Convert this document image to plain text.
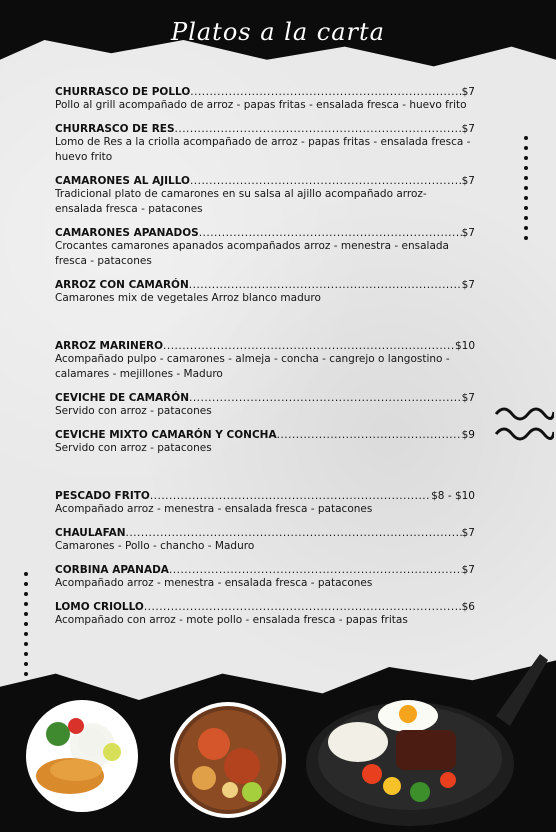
Platos a la carta
CHURRASCO DE POLLO .....	$7
Pollo al grill acompañado de arroz - papas fritas - ensalada fresca - huevo frito
CHURRASCO DE RES .....	$7
Lomo de Res a la criolla acompañado de arroz - papas fritas - ensalada fresca - huevo frito
CAMARONES AL AJILLO .....	$7
Tradicional plato de camarones en su salsa al ajillo acompañado arroz- ensalada fresca - patacones
CAMARONES APANADOS .....	$7
Crocantes camarones apanados acompañados arroz - menestra - ensalada fresca - patacones
ARROZ CON CAMARÓN .....	$7
Camarones mix de vegetales Arroz blanco maduro
ARROZ MARINERO .....	$10
Acompañado pulpo - camarones - almeja - concha - cangrejo o langostino - calamares - mejillones - Maduro
CEVICHE DE CAMARÓN .....	$7
Servido con arroz - patacones
CEVICHE MIXTO CAMARÓN Y CONCHA .....	$9
Servido con arroz - patacones
PESCADO FRITO .....	$8 - $10
Acompañado arroz - menestra - ensalada fresca - patacones
CHAULAFAN .....	$7
Camarones - Pollo - chancho - Maduro
CORBINA APANADA .....	$7
Acompañado arroz - menestra - ensalada fresca - patacones
LOMO CRIOLLO .....	$6
Acompañado con arroz - mote pollo - ensalada fresca - papas fritas
